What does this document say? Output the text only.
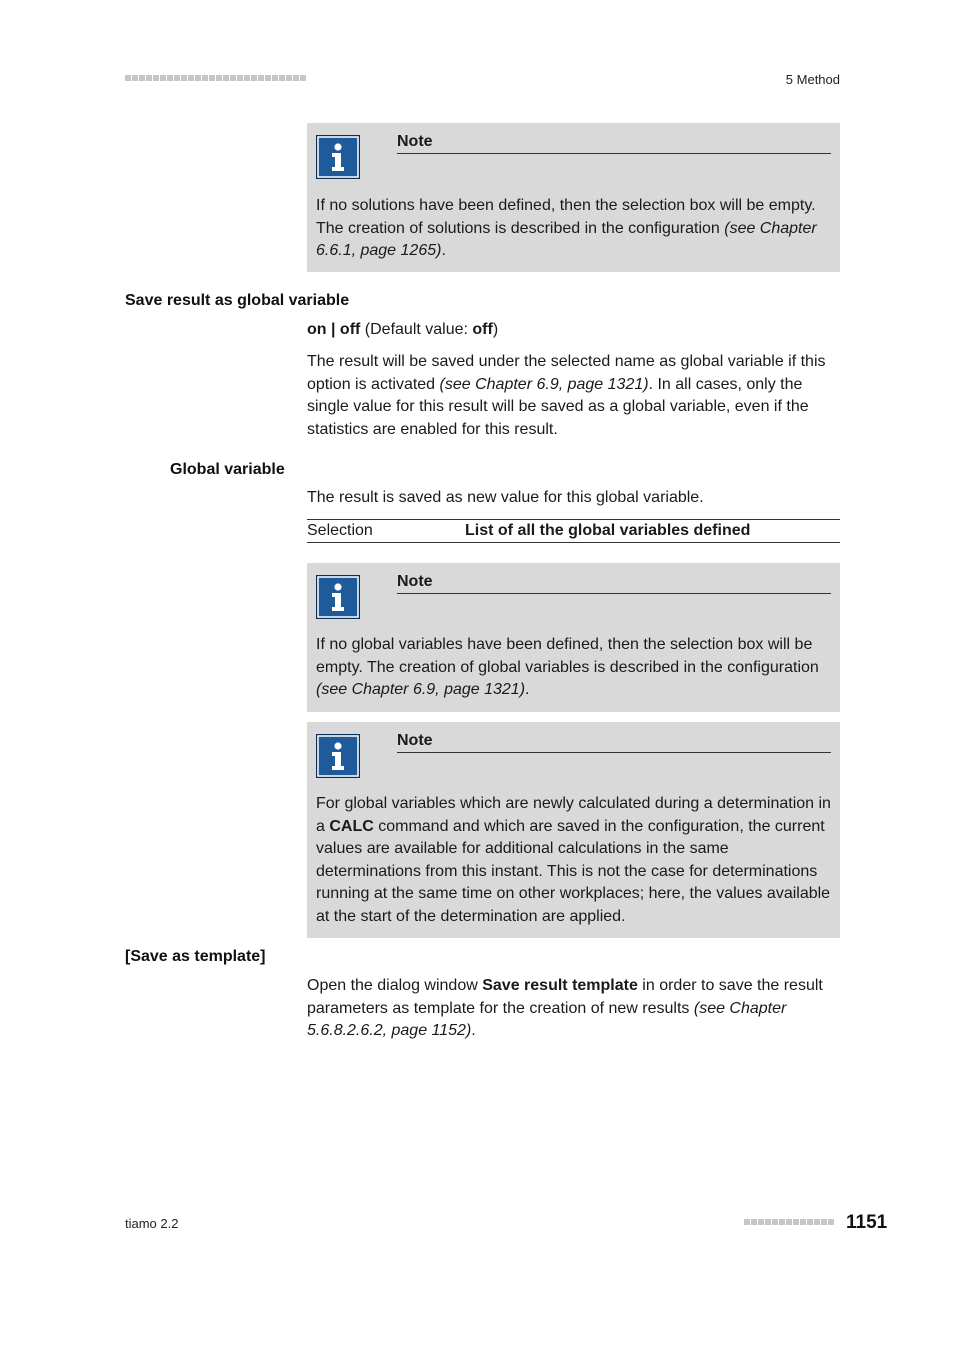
5 Method
Note
If no solutions have been defined, then the selection box will be empty. The creation of solutions is described in the configuration (see Chapter 6.6.1, page 1265).
Save result as global variable
on | off (Default value: off)
The result will be saved under the selected name as global variable if this option is activated (see Chapter 6.9, page 1321). In all cases, only the single value for this result will be saved as a global variable, even if the statistics are enabled for this result.
Global variable
The result is saved as new value for this global variable.
Selection	List of all the global variables defined
Note
If no global variables have been defined, then the selection box will be empty. The creation of global variables is described in the configuration (see Chapter 6.9, page 1321).
Note
For global variables which are newly calculated during a determination in a CALC command and which are saved in the configuration, the current values are available for additional calculations in the same determinations from this instant. This is not the case for determinations running at the same time on other workplaces; here, the values available at the start of the determination are applied.
[Save as template]
Open the dialog window Save result template in order to save the result parameters as template for the creation of new results (see Chapter 5.6.8.2.6.2, page 1152).
tiamo 2.2	1151
